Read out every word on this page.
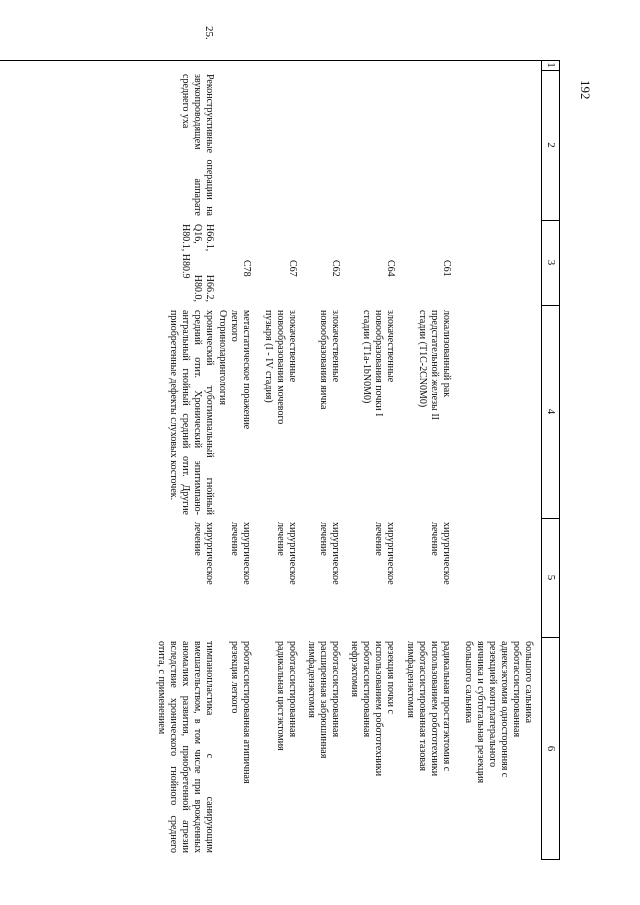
192
1
2
3
4
5
6
большого сальника
роботассистированная
аднексэктомия односторонняя с
резекцией контрлатерального
яичника и субтотальная резекция
большого сальника
C61
локализованный рак
предстательной железы II
стадии (T1C-2CN0M0)
хирургическое
лечение
радикальная простатэктомия с
использованием робототехники
роботассистированная тазовая
лимфаденэктомия
C64
злокачественные
новообразования почки I
стадии (T1a-1bN0M0)
хирургическое
лечение
резекция почки с
использованием робототехники
роботассистированная
нефрэктомия
C62
злокачественные
новообразования яичка
хирургическое
лечение
роботассистированная
расширенная забрюшинная
лимфаденэктомия
C67
злокачественные
новообразования мочевого
пузыря (I - IV стадия)
хирургическое
лечение
роботассистированная
радикальная цистэктомия
C78
метастатическое поражение
легкого
хирургическое
лечение
роботассистированная атипичная
резекция легкого
Оториноларингология
25.
Реконструктивные операции на звукопроводящем аппарате среднего уха
H66.1, H66.2, Q16, H80.0, H80.1, H80.9
хронический туботимпальный гнойный средний отит. Хронический эпитимпано-антральный гнойный средний отит. Другие приобретенные дефекты слуховых косточек.
хирургическое
лечение
тимпанопластика с санирующим вмешательством, в том числе при врожденных аномалиях развития, приобретенной атрезии вследствие хронического гнойного среднего отита, с применением
